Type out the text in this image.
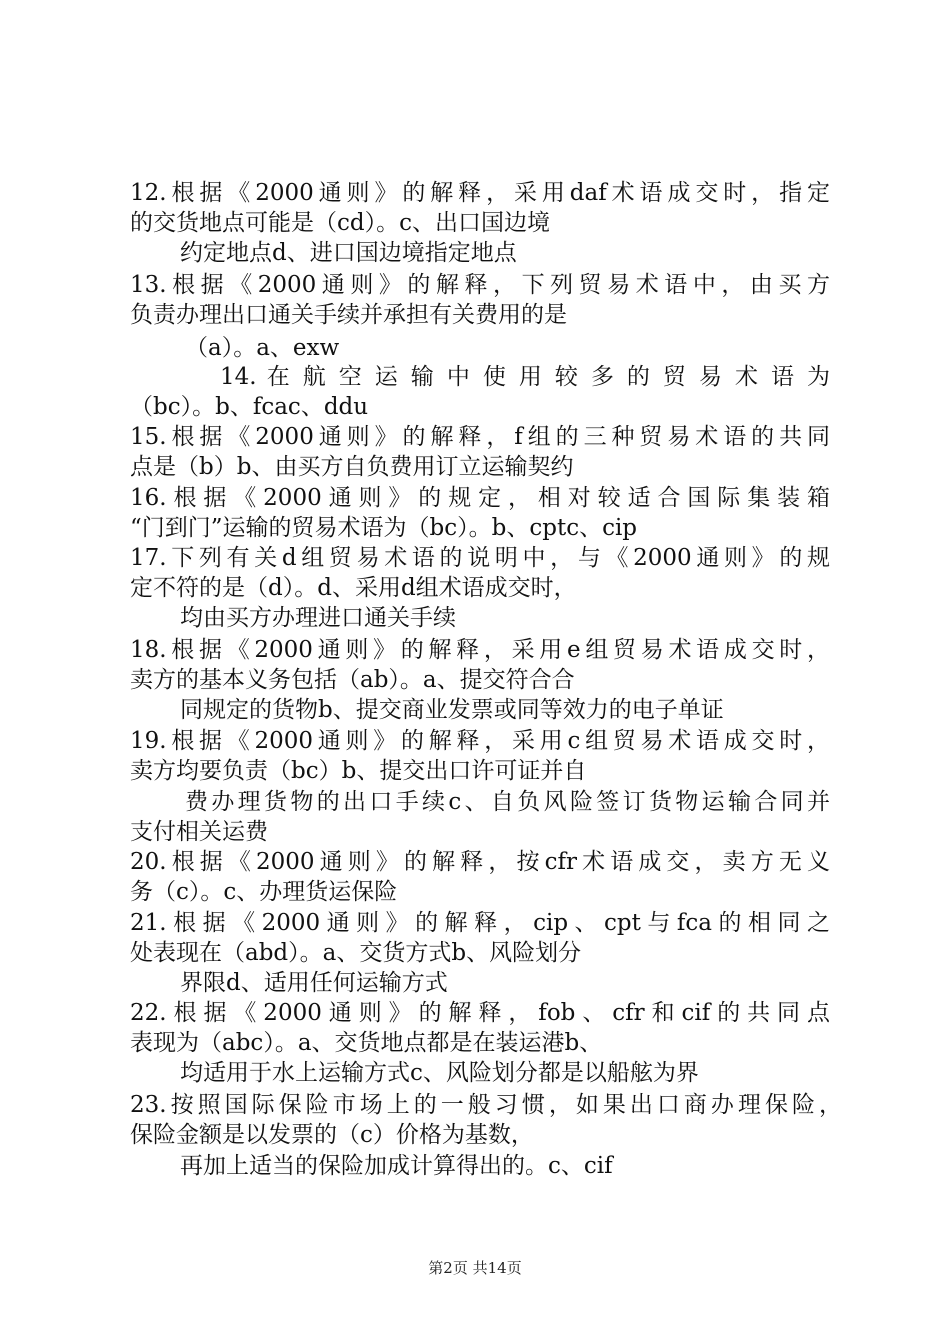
12.根据《2000通则》的解释，采用daf术语成交时，指定
的交货地点可能是（cd）。c、出口国边境
约定地点d、进口国边境指定地点
13.根据《2000通则》的解释，下列贸易术语中，由买方
负责办理出口通关手续并承担有关费用的是
（a）。a、exw
14. 在 航 空 运 输 中 使 用 较 多 的 贸 易 术 语 为
（bc）。b、fcac、ddu
15.根据《2000通则》的解释，f组的三种贸易术语的共同
点是（b）b、由买方自负费用订立运输契约
16.根据《2000通则》的规定，相对较适合国际集装箱
“门到门”运输的贸易术语为（bc）。b、cptc、cip
17.下列有关d组贸易术语的说明中，与《2000通则》的规
定不符的是（d）。d、采用d组术语成交时，
均由买方办理进口通关手续
18.根据《2000通则》的解释，采用e组贸易术语成交时，
卖方的基本义务包括（ab）。a、提交符合合
同规定的货物b、提交商业发票或同等效力的电子单证
19.根据《2000通则》的解释，采用c组贸易术语成交时，
卖方均要负责（bc）b、提交出口许可证并自
费办理货物的出口手续c、自负风险签订货物运输合同并
支付相关运费
20.根据《2000通则》的解释，按cfr术语成交，卖方无义
务（c）。c、办理货运保险
21.根据《2000通则》的解释，cip、cpt与fca的相同之
处表现在（abd）。a、交货方式b、风险划分
界限d、适用任何运输方式
22.根据《2000通则》的解释，fob、cfr和cif的共同点
表现为（abc）。a、交货地点都是在装运港b、
均适用于水上运输方式c、风险划分都是以船舷为界
23.按照国际保险市场上的一般习惯，如果出口商办理保险，
保险金额是以发票的（c）价格为基数，
再加上适当的保险加成计算得出的。c、cif
第2页 共14页
